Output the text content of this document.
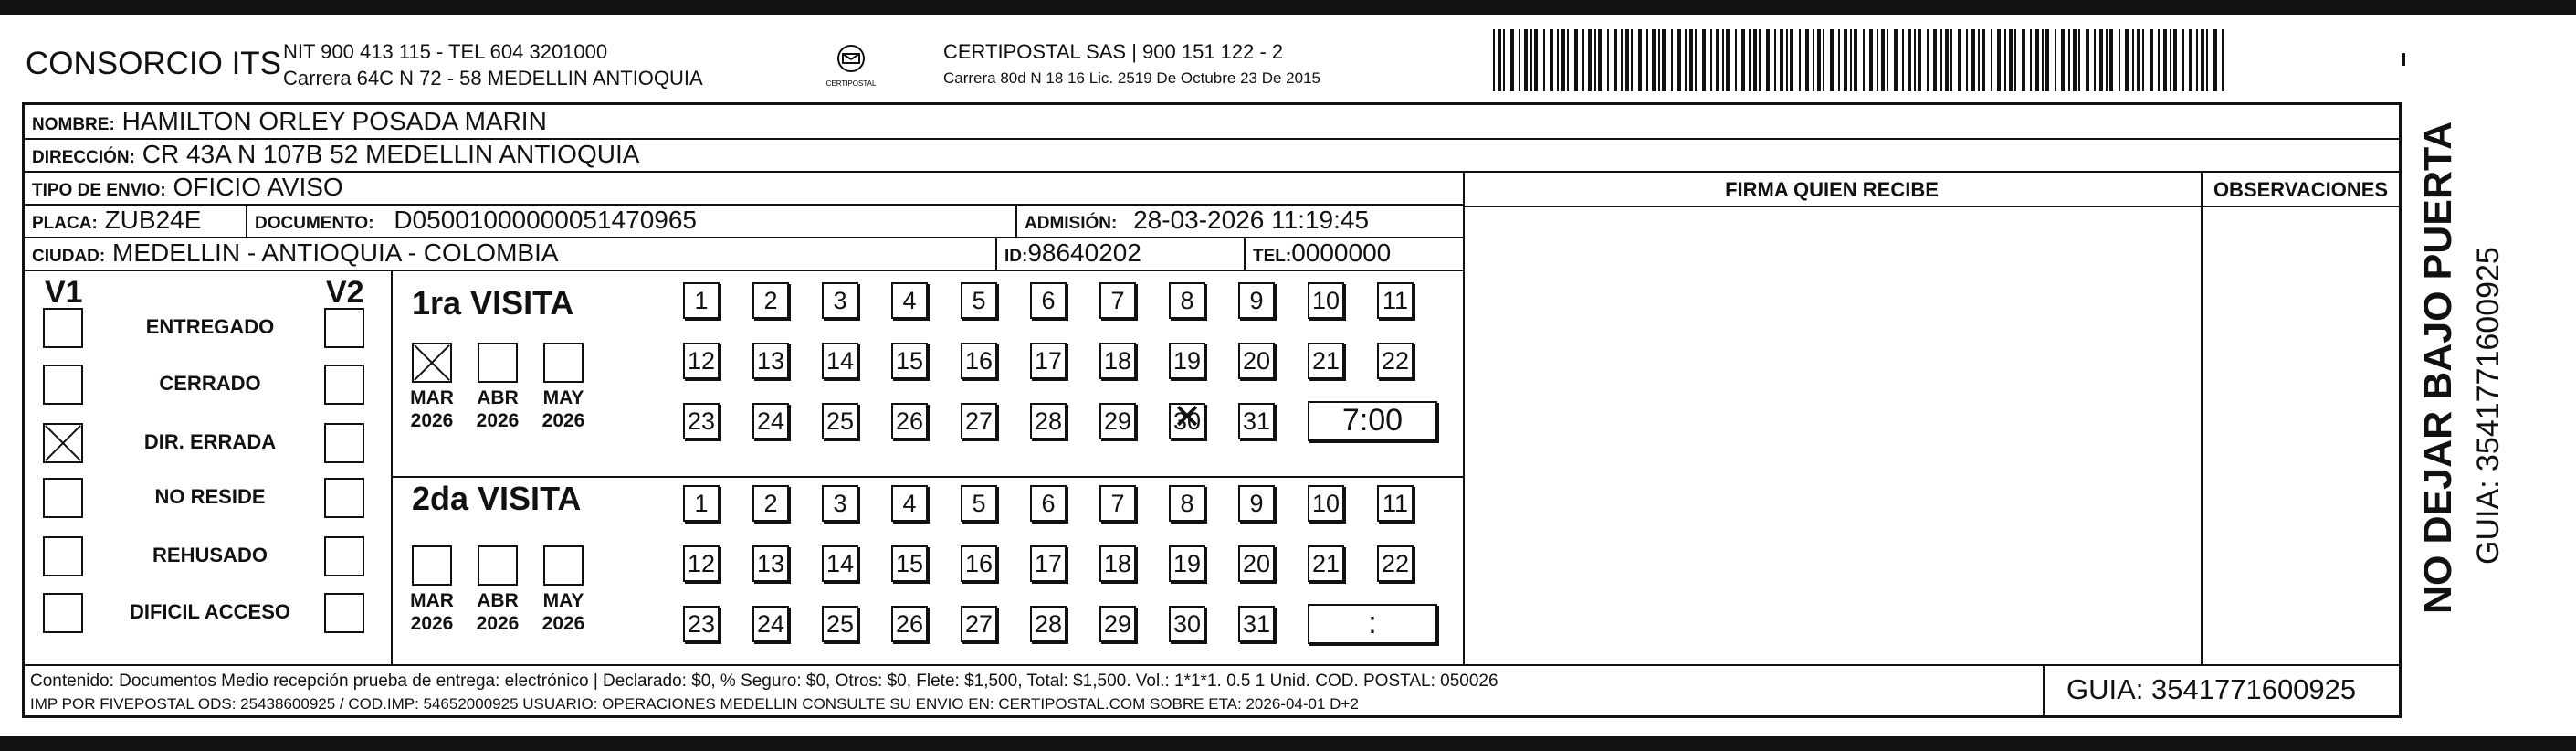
CONSORCIO ITS NIT 900 413 115 - TEL 604 3201000
Carrera 64C N 72 - 58 MEDELLIN ANTIOQUIA	CERTIPOSTAL
CERTIPOSTAL SAS | 900 151 122 - 2
Carrera 80d N 18 16 Lic. 2519 De Octubre 23 De 2015
NOMBRE: HAMILTON ORLEY POSADA MARIN
DIRECCIÓN: CR 43A N 107B 52 MEDELLIN ANTIOQUIA
TIPO DE ENVIO: OFICIO AVISO	FIRMA QUIEN RECIBE	OBSERVACIONES
PLACA: ZUB24E	DOCUMENTO: D05001000000051470965	ADMISIÓN: 28-03-2026 11:19:45
CIUDAD: MEDELLIN - ANTIOQUIA - COLOMBIA	ID:98640202	TEL:0000000
V1	V2
ENTREGADO
CERRADO
DIR. ERRADA
NO RESIDE
REHUSADO
DIFICIL ACCESO
1ra VISITA
2da VISITA
MAR
2026
ABR
2026
MAY
2026
1	2	3	4	5	6	7	8	9	10 11
12 13 14 15 16 17 18 19 20 21 22
23 24 25 26 27 28 29 30 ✕ 31	7:00
MAR
2026
ABR
2026
MAY
2026
1	2	3	4	5	6	7	8	9	10 11
12 13 14 15 16 17 18 19 20 21 22
23 24 25 26 27 28 29 30 31	:
Contenido: Documentos Medio recepción prueba de entrega: electrónico | Declarado: $0, % Seguro: $0, Otros: $0, Flete: $1,500, Total: $1,500. Vol.: 1*1*1. 0.5 1 Unid. COD. POSTAL: 050026
IMP POR FIVEPOSTAL ODS: 25438600925 / COD.IMP: 54652000925 USUARIO: OPERACIONES MEDELLIN CONSULTE SU ENVIO EN: CERTIPOSTAL.COM SOBRE ETA: 2026-04-01 D+2	GUIA: 3541771600925
NO DEJAR BAJO PUERTA GUIA: 3541771600925
